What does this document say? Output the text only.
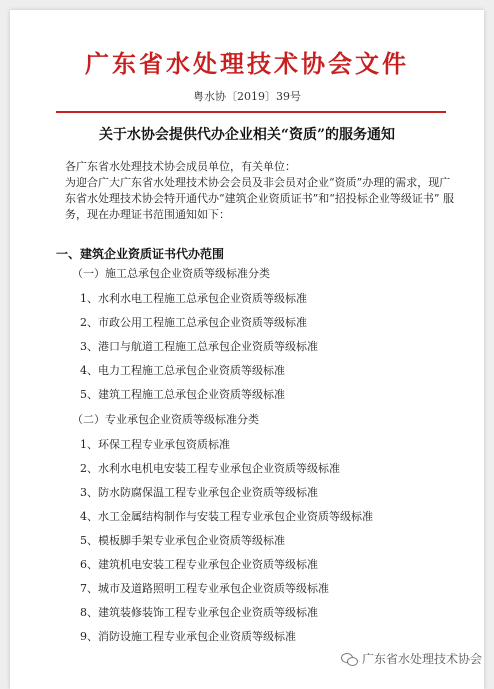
广东省水处理技术协会文件
粤水协〔2019〕39号
关于水协会提供代办企业相关“资质”的服务通知

各广东省水处理技术协会成员单位，有关单位：

为迎合广大广东省水处理技术协会会员及非会员对企业“资质”办理的需求，现广东省水处理技术协会特开通代办“建筑企业资质证书”和“招投标企业等级证书” 服务，现在办理证书范围通知如下：

一、建筑企业资质证书代办范围
（一）施工总承包企业资质等级标准分类
1、水利水电工程施工总承包企业资质等级标准
2、市政公用工程施工总承包企业资质等级标准
3、港口与航道工程施工总承包企业资质等级标准
4、电力工程施工总承包企业资质等级标准
5、建筑工程施工总承包企业资质等级标准
（二）专业承包企业资质等级标准分类
1、环保工程专业承包资质标准
2、水利水电机电安装工程专业承包企业资质等级标准
3、防水防腐保温工程专业承包企业资质等级标准
4、水工金属结构制作与安装工程专业承包企业资质等级标准
5、模板脚手架专业承包企业资质等级标准
6、建筑机电安装工程专业承包企业资质等级标准
7、城市及道路照明工程专业承包企业资质等级标准
8、建筑装修装饰工程专业承包企业资质等级标准
9、消防设施工程专业承包企业资质等级标准
广东省水处理技术协会
